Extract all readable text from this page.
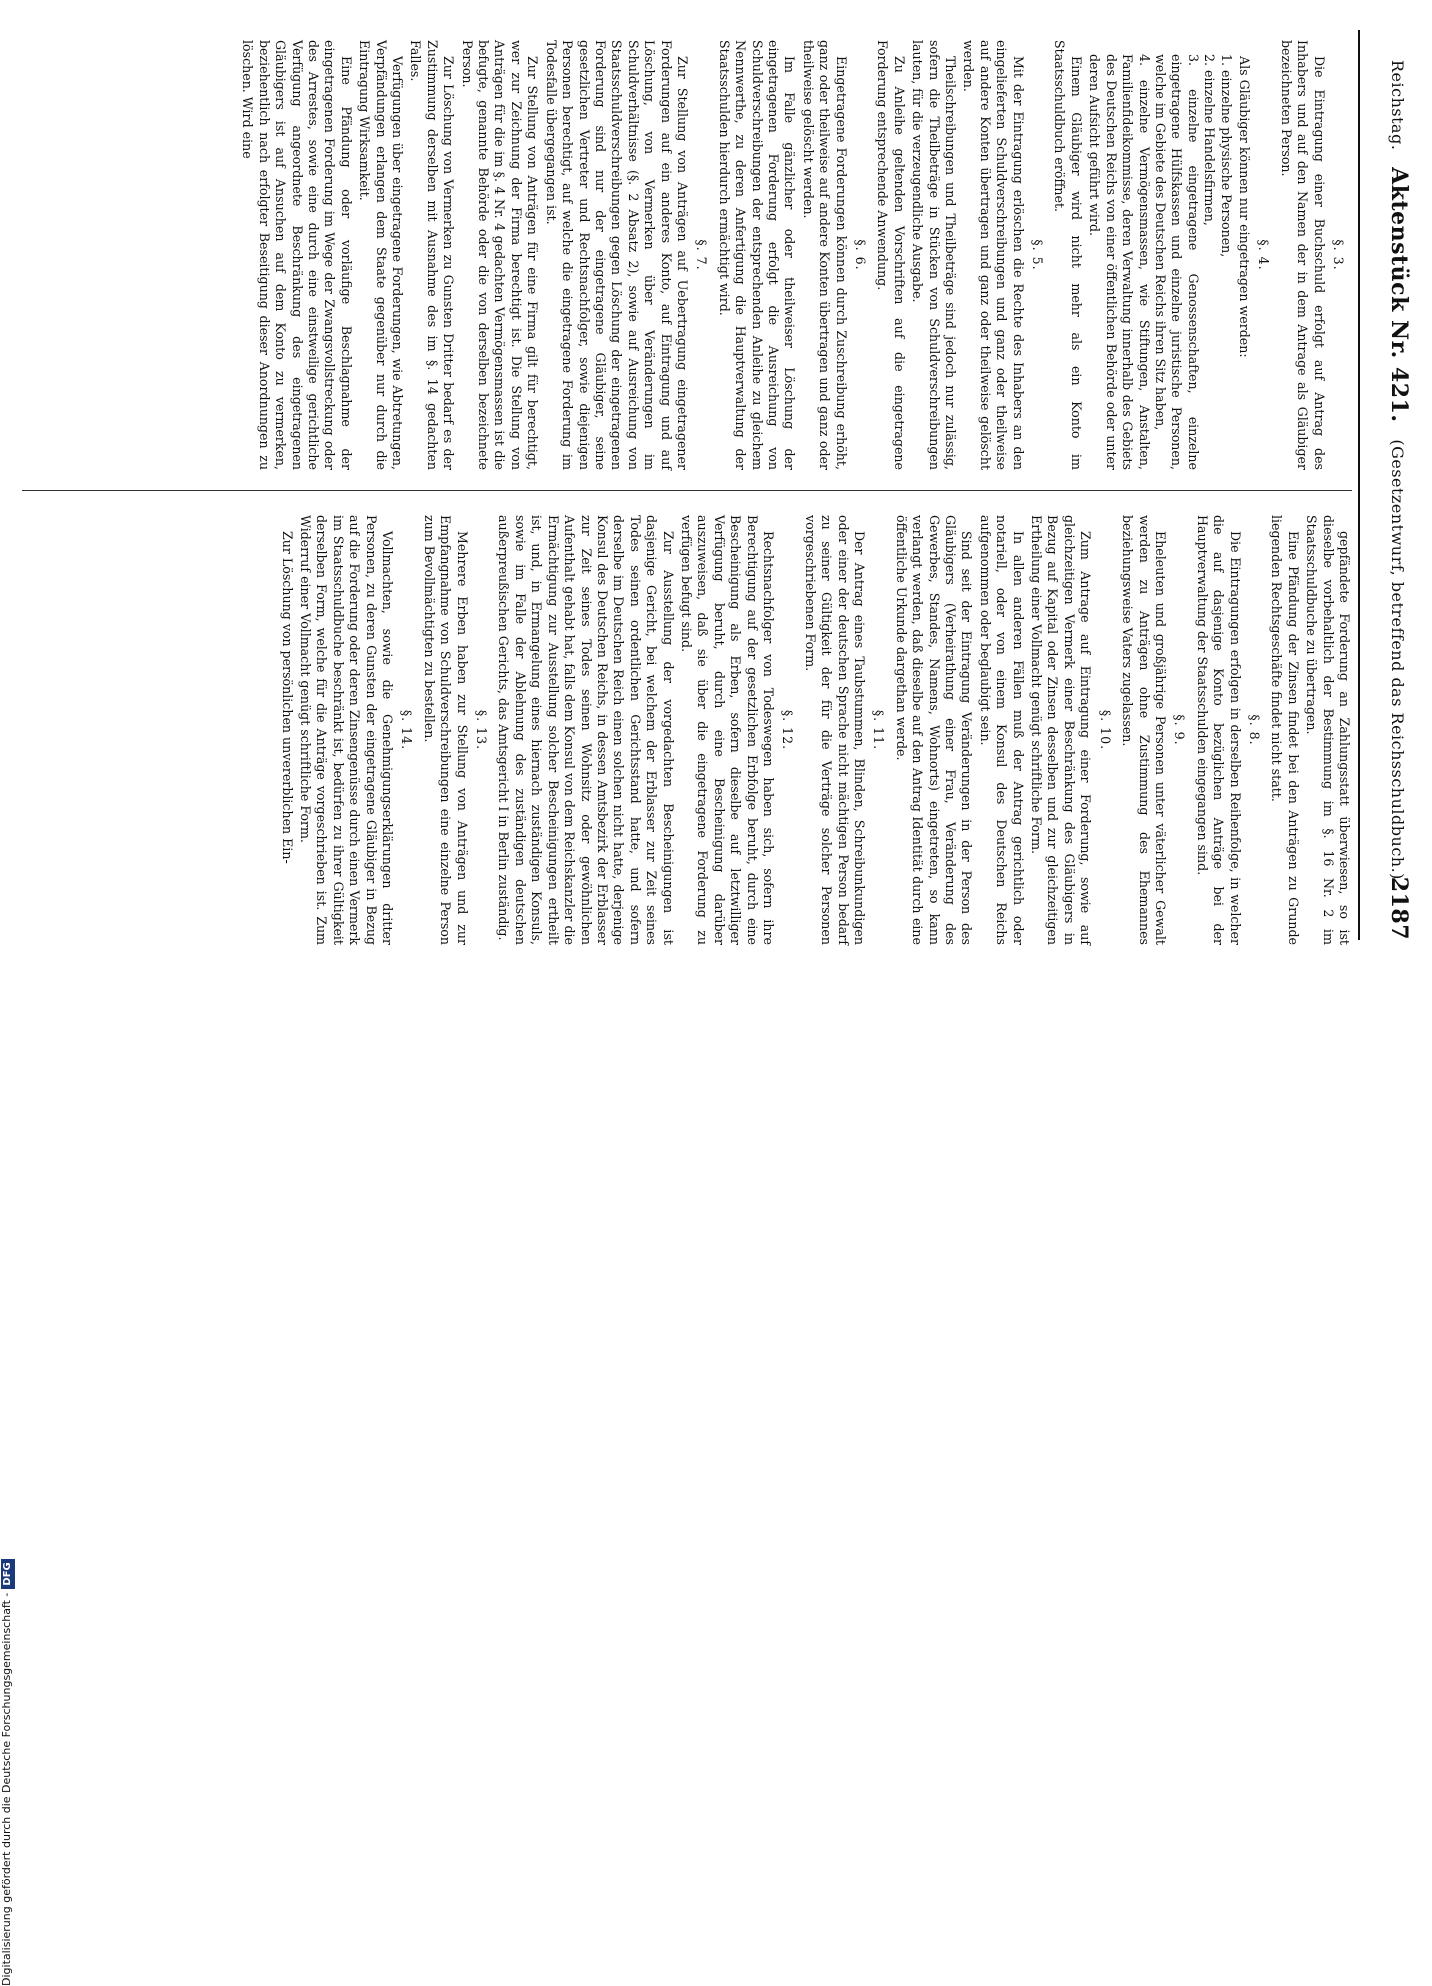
Reichstag.   Aktenstück Nr. 421.   (Gesetzentwurf, betreffend das Reichsschuldbuch.)
2187
§. 3.
Die Eintragung einer Buchschuld erfolgt auf Antrag des Inhabers und auf den Namen der in dem Antrage als Gläubiger bezeichneten Person.
§. 4.
Als Gläubiger können nur eingetragen werden:
1. einzelne physische Personen,
2. einzelne Handelsfirmen,
3. einzelne eingetragene Genossenschaften, einzelne eingetragene Hülfskassen und einzelne juristische Personen, welche im Gebiete des Deutschen Reichs ihren Sitz haben,
4. einzelne Vermögensmassen, wie Stiftungen, Anstalten, Familienfideikommisse, deren Verwaltung innerhalb des Gebiets des Deutschen Reichs von einer öffentlichen Behörde oder unter deren Aufsicht geführt wird.
Einem Gläubiger wird nicht mehr als ein Konto im Staatsschuldbuch eröffnet.
§. 5.
Mit der Eintragung erlöschen die Rechte des Inhabers an den eingelieferten Schuldverschreibungen und ganz oder theilweise auf andere Konten übertragen und ganz oder theilweise gelöscht werden.
Theilschreibungen und Theilbeträge sind jedoch nur zulässig, sofern die Theilbeträge in Stücken von Schuldverschreibungen lauten, für die verzeugendliche Ausgabe.
Zu Anleihe geltenden Vorschriften auf die eingetragene Forderung entsprechende Anwendung.
§. 6.
Eingetragene Forderungen können durch Zuschreibung erhöht, ganz oder theilweise auf andere Konten übertragen und ganz oder theilweise gelöscht werden.
Im Falle gänzlicher oder theilweiser Löschung der eingetragenen Forderung erfolgt die Ausreichung von Schuldverschreibungen der entsprechenden Anleihe zu gleichem Nennwerthe, zu deren Anfertigung die Hauptverwaltung der Staatsschulden hierdurch ermächtigt wird.
§. 7.
Zur Stellung von Anträgen auf Uebertragung eingetragener Forderungen auf ein anderes Konto, auf Eintragung und auf Löschung, von Vermerken über Veränderungen im Schuldverhältnisse (§. 2 Absatz 2), sowie auf Ausreichung von Staatsschuldverschreibungen gegen Löschung der eingetragenen Forderung sind nur der eingetragene Gläubiger, seine gesetzlichen Vertreter und Rechtsnachfolger, sowie diejenigen Personen berechtigt, auf welche die eingetragene Forderung im Todesfalle übergegangen ist.
Zur Stellung von Anträgen für eine Firma gilt für berechtigt, wer zur Zeichnung der Firma berechtigt ist. Die Stellung von Anträgen für die im §. 4 Nr. 4 gedachten Vermögensmassen ist die befugte, genannte Behörde oder die von derselben bezeichnete Person.
Zur Löschung von Vermerken zu Gunsten Dritter bedarf es der Zustimmung derselben mit Ausnahme des im §. 14 gedachten Falles.
Verfügungen über eingetragene Forderungen, wie Abtretungen, Verpfändungen erlangen dem Staate gegenüber nur durch die Eintragung Wirksamkeit.
Eine Pfändung oder vorläufige Beschlagnahme der eingetragenen Forderung im Wege der Zwangsvollstreckung oder des Arrestes, sowie eine durch eine einstweilige gerichtliche Verfügung angeordnete Beschränkung des eingetragenen Gläubigers ist auf Ansuchen auf dem Konto zu vermerken, beziehentlich nach erfolgter Beseitigung dieser Anordnungen zu löschen. Wird eine
gepfändete Forderung an Zahlungsstatt überwiesen, so ist dieselbe vorbehaltlich der Bestimmung im §. 16 Nr. 2 im Staatsschuldbuche zu übertragen.
Eine Pfändung der Zinsen findet bei den Anträgen zu Grunde liegenden Rechtsgeschäfte findet nicht statt.
§. 8.
Die Eintragungen erfolgen in derselben Reihenfolge, in welcher die auf dasjenige Konto bezüglichen Anträge bei der Hauptverwaltung der Staatsschulden eingegangen sind.
§. 9.
Eheleuten und großjährige Personen unter väterlicher Gewalt werden zu Anträgen ohne Zustimmung des Ehemannes beziehungsweise Vaters zugelassen.
§. 10.
Zum Antrage auf Eintragung einer Forderung, sowie auf gleichzeitigen Vermerk einer Beschränkung des Gläubigers in Bezug auf Kapital oder Zinsen desselben und zur gleichzeitigen Ertheilung einer Vollmacht genügt schriftliche Form.
In allen anderen Fällen muß der Antrag gerichtlich oder notariell, oder von einem Konsul des Deutschen Reichs aufgenommen oder beglaubigt sein.
Sind seit der Eintragung Veränderungen in der Person des Gläubigers (Verheirathung einer Frau, Veränderung des Gewerbes, Standes, Namens, Wohnorts) eingetreten, so kann verlangt werden, daß dieselbe auf den Antrag Identität durch eine öffentliche Urkunde dargethan werde.
§. 11.
Der Antrag eines Taubstummen, Blinden, Schreibunkundigen oder einer der deutschen Sprache nicht mächtigen Person bedarf zu seiner Gültigkeit der für die Verträge solcher Personen vorgeschriebenen Form.
§. 12.
Rechtsnachfolger von Todeswegen haben sich, sofern ihre Berechtigung auf der gesetzlichen Erbfolge beruht, durch eine Bescheinigung als Erben, sofern dieselbe auf letztwilliger Verfügung beruht, durch eine Bescheinigung darüber auszuweisen, daß sie über die eingetragene Forderung zu verfügen befugt sind.
Zur Ausstellung der vorgedachten Bescheinigungen ist dasjenige Gericht, bei welchem der Erblasser zur Zeit seines Todes seinen ordentlichen Gerichtsstand hatte, und sofern derselbe im Deutschen Reich einen solchen nicht hatte, derjenige Konsul des Deutschen Reichs, in dessen Amtsbezirk der Erblasser zur Zeit seines Todes seinen Wohnsitz oder gewöhnlichen Aufenthalt gehabt hat, falls dem Konsul von dem Reichskanzler die Ermächtigung zur Ausstellung solcher Bescheinigungen ertheilt ist, und, in Ermangelung eines hiernach zuständigen Konsuls, sowie im Falle der Ablehnung des zuständigen deutschen außerpreußischen Gerichts, das Amtsgericht I in Berlin zuständig.
§. 13.
Mehrere Erben haben zur Stellung von Anträgen und zur Empfangnahme von Schuldverschreibungen eine einzelne Person zum Bevollmächtigten zu bestellen.
§. 14.
Vollmachten, sowie die Genehmigungserklärungen dritter Personen, zu deren Gunsten der eingetragene Gläubiger in Bezug auf die Forderung oder deren Zinsengenüsse durch einen Vermerk im Staatsschuldbuche beschränkt ist, bedürfen zu ihrer Gültigkeit derselben Form, welche für die Anträge vorgeschrieben ist. Zum Widerruf einer Vollmacht genügt schriftliche Form.
Zur Löschung von persönlichen unvererblichen Ein-
Digitalisierung gefördert durch die Deutsche Forschungsgemeinschaft -DFG
